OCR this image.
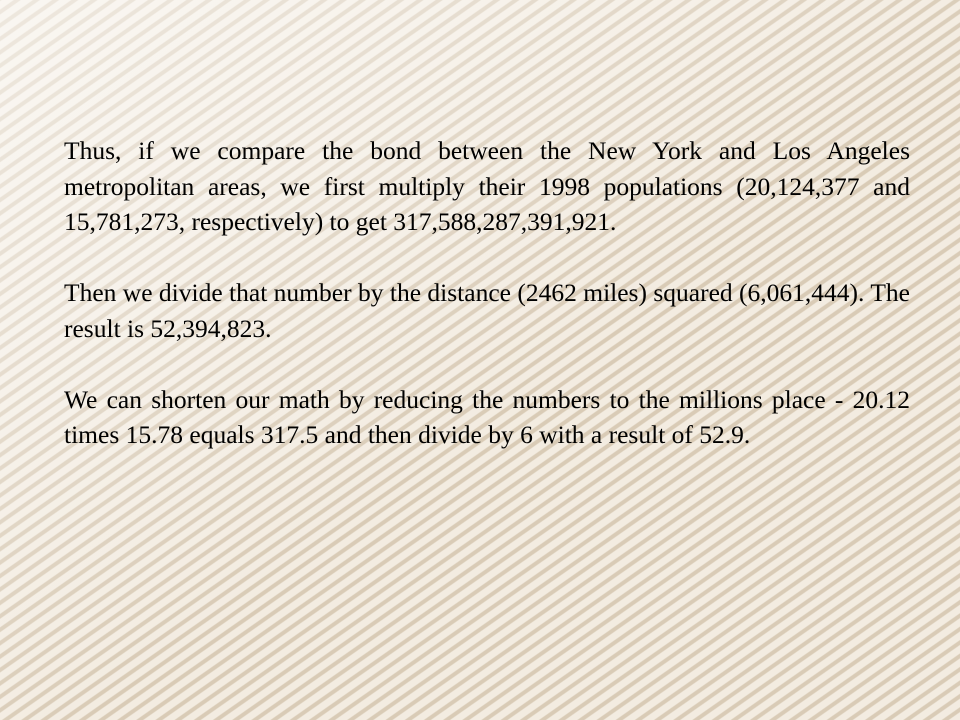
Thus, if we compare the bond between the New York and Los Angeles metropolitan areas, we first multiply their 1998 populations (20,124,377 and 15,781,273, respectively) to get 317,588,287,391,921.

Then we divide that number by the distance (2462 miles) squared (6,061,444). The result is 52,394,823.

We can shorten our math by reducing the numbers to the millions place - 20.12 times 15.78 equals 317.5 and then divide by 6 with a result of 52.9.
